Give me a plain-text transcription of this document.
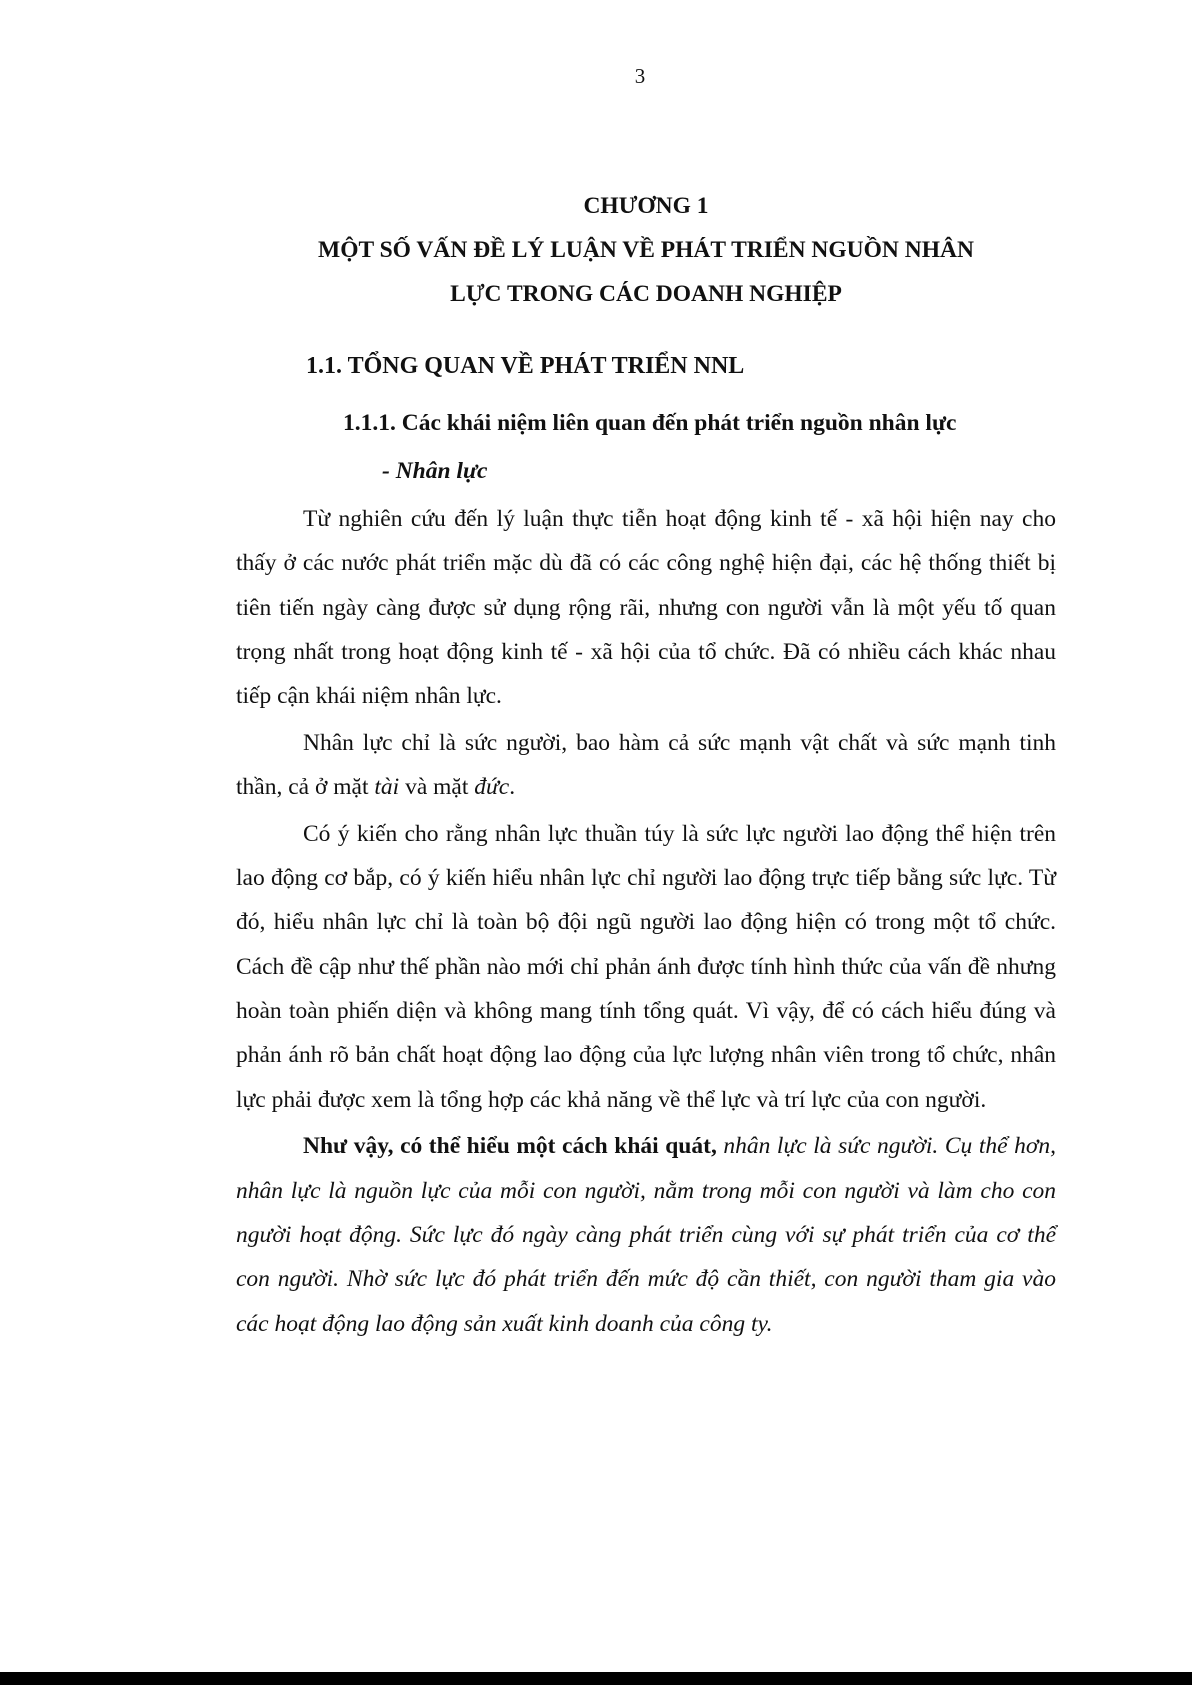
3
CHƯƠNG 1
MỘT SỐ VẤN ĐỀ LÝ LUẬN VỀ PHÁT TRIỂN NGUỒN NHÂN
LỰC TRONG CÁC DOANH NGHIỆP
1.1. TỔNG QUAN VỀ PHÁT TRIỂN NNL
1.1.1. Các khái niệm liên quan đến phát triển nguồn nhân lực
- Nhân lực

Từ nghiên cứu đến lý luận thực tiễn hoạt động kinh tế - xã hội hiện nay cho thấy ở các nước phát triển mặc dù đã có các công nghệ hiện đại, các hệ thống thiết bị tiên tiến ngày càng được sử dụng rộng rãi, nhưng con người vẫn là một yếu tố quan trọng nhất trong hoạt động kinh tế - xã hội của tổ chức. Đã có nhiều cách khác nhau tiếp cận khái niệm nhân lực.

Nhân lực chỉ là sức người, bao hàm cả sức mạnh vật chất và sức mạnh tinh thần, cả ở mặt tài và mặt đức.

Có ý kiến cho rằng nhân lực thuần túy là sức lực người lao động thể hiện trên lao động cơ bắp, có ý kiến hiểu nhân lực chỉ người lao động trực tiếp bằng sức lực. Từ đó, hiểu nhân lực chỉ là toàn bộ đội ngũ người lao động hiện có trong một tổ chức. Cách đề cập như thế phần nào mới chỉ phản ánh được tính hình thức của vấn đề nhưng hoàn toàn phiến diện và không mang tính tổng quát. Vì vậy, để có cách hiểu đúng và phản ánh rõ bản chất hoạt động lao động của lực lượng nhân viên trong tổ chức, nhân lực phải được xem là tổng hợp các khả năng về thể lực và trí lực của con người.

Như vậy, có thể hiểu một cách khái quát, nhân lực là sức người. Cụ thể hơn, nhân lực là nguồn lực của mỗi con người, nằm trong mỗi con người và làm cho con người hoạt động. Sức lực đó ngày càng phát triển cùng với sự phát triển của cơ thể con người. Nhờ sức lực đó phát triển đến mức độ cần thiết, con người tham gia vào các hoạt động lao động sản xuất kinh doanh của công ty.
